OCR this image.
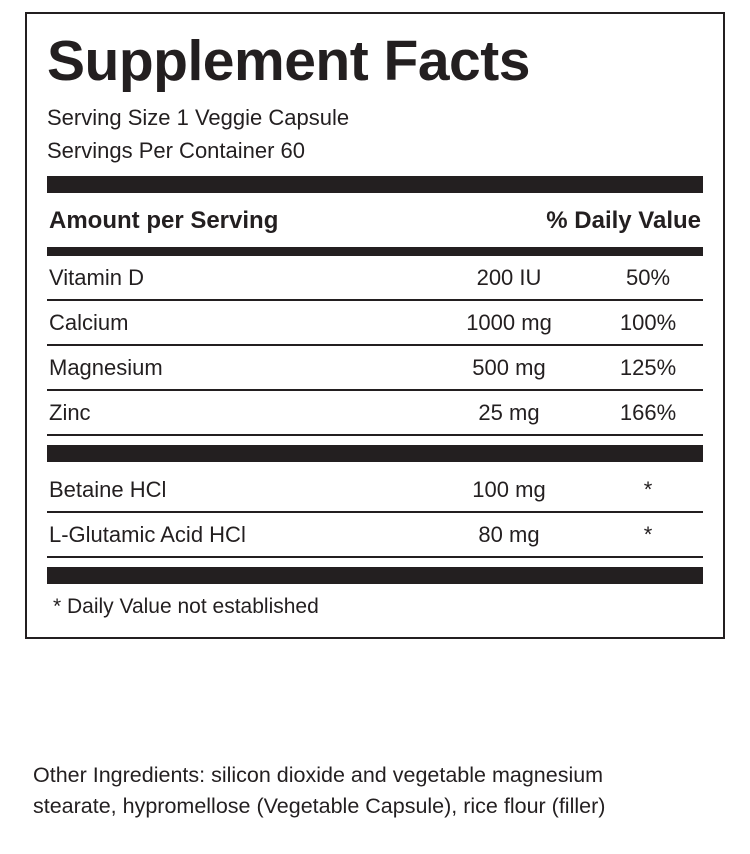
Supplement Facts
Serving Size 1 Veggie Capsule
Servings Per Container 60
Amount per Serving	% Daily Value
Vitamin D	200 IU	50%
Calcium	1000 mg	100%
Magnesium	500 mg	125%
Zinc	25 mg	166%
Betaine HCl	100 mg	*
L-Glutamic Acid HCl	80 mg	*
* Daily Value not established
Other Ingredients: silicon dioxide and vegetable magnesium
stearate, hypromellose (Vegetable Capsule), rice flour (filler)
